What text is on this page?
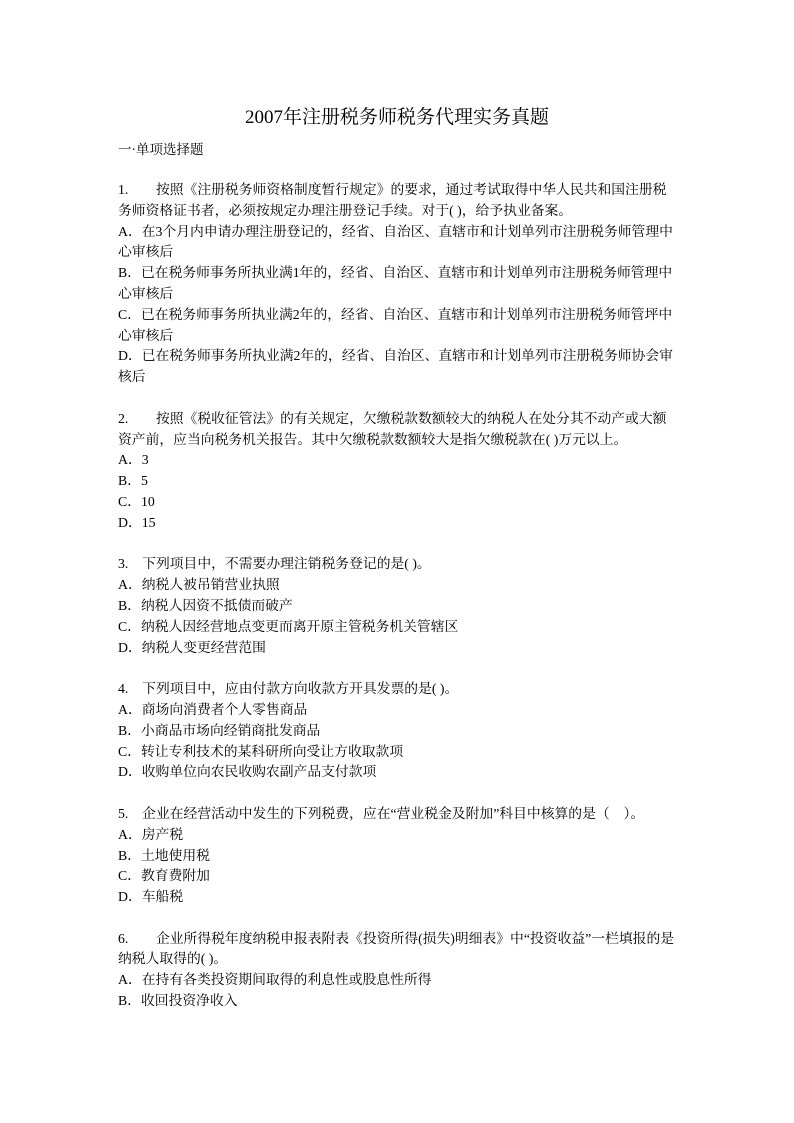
2007年注册税务师税务代理实务真题

一·单项选择题

1.　　按照《注册税务师资格制度暂行规定》的要求，通过考试取得中华人民共和国注册税务师资格证书者，必须按规定办理注册登记手续。对于( )，给予执业备案。
A．在3个月内申请办理注册登记的，经省、自治区、直辖市和计划单列市注册税务师管理中心审核后
B．已在税务师事务所执业满1年的，经省、自治区、直辖市和计划单列市注册税务师管理中心审核后
C．已在税务师事务所执业满2年的，经省、自治区、直辖市和计划单列市注册税务师管坪中心审核后
D．已在税务师事务所执业满2年的，经省、自治区、直辖市和计划单列市注册税务师协会审核后
2.　　按照《税收征管法》的有关规定，欠缴税款数额较大的纳税人在处分其不动产或大额资产前，应当向税务机关报告。其中欠缴税款数额较大是指欠缴税款在( )万元以上。
A．3
B．5
C．10
D．15
3.　下列项目中，不需要办理注销税务登记的是( )。
A．纳税人被吊销营业执照
B．纳税人因资不抵债而破产
C．纳税人因经营地点变更而离开原主管税务机关管辖区
D．纳税人变更经营范围
4.　下列项目中，应由付款方向收款方开具发票的是( )。
A．商场向消费者个人零售商品
B．小商品市场向经销商批发商品
C．转让专利技术的某科研所向受让方收取款项
D．收购单位向农民收购农副产品支付款项
5.　企业在经营活动中发生的下列税费，应在“营业税金及附加”科目中核算的是（　）。
A．房产税
B．土地使用税
C．教育费附加
D．车船税
6.　　企业所得税年度纳税申报表附表《投资所得(损失)明细表》中“投资收益”一栏填报的是纳税人取得的( )。
A．在持有各类投资期间取得的利息性或股息性所得
B．收回投资净收入
